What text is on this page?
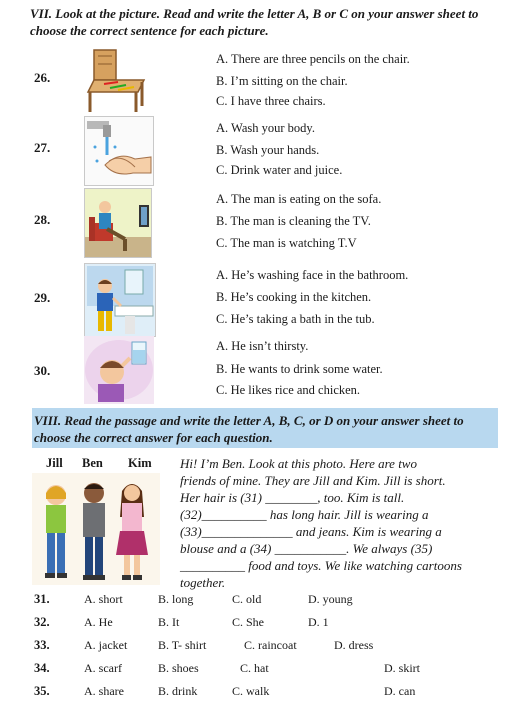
VII. Look at the picture. Read and write the letter A, B or C on your answer sheet to
choose the correct sentence for each picture.
26.
A. There are three pencils on the chair.
B. I’m sitting on the chair.
C. I have three chairs.
27.
A. Wash your body.
B. Wash your hands.
C. Drink water and juice.
28.
A. The man is eating on the sofa.
B. The man is cleaning the TV.
C. The man is watching T.V
29.
A. He’s washing face in the bathroom.
B. He’s cooking in the kitchen.
C. He’s taking a bath in the tub.
30.
A. He isn’t thirsty.
B. He wants to drink some water.
C. He likes rice and chicken.
VIII. Read the passage and write the letter A, B, C, or D on your answer sheet to
choose the correct answer for each question.
Jill Ben Kim Hi! I’m Ben. Look at this photo. Here are two
friends of mine. They are Jill and Kim. Jill is short.
Her hair is (31) ________, too. Kim is tall.
(32)__________ has long hair. Jill is wearing a
(33)______________ and jeans. Kim is wearing a
blouse and a (34) ___________. We always (35)
__________ food and toys. We like watching cartoons
together.
31.	A. short	B. long	C. old	D. young
32.	A. He	B. It	C. She	D. 1
33.	A. jacket	B. T- shirt	C. raincoat	D. dress
34.	A. scarf	B. shoes	C. hat	D. skirt
35.	A. share	B. drink	C. walk	D. can
